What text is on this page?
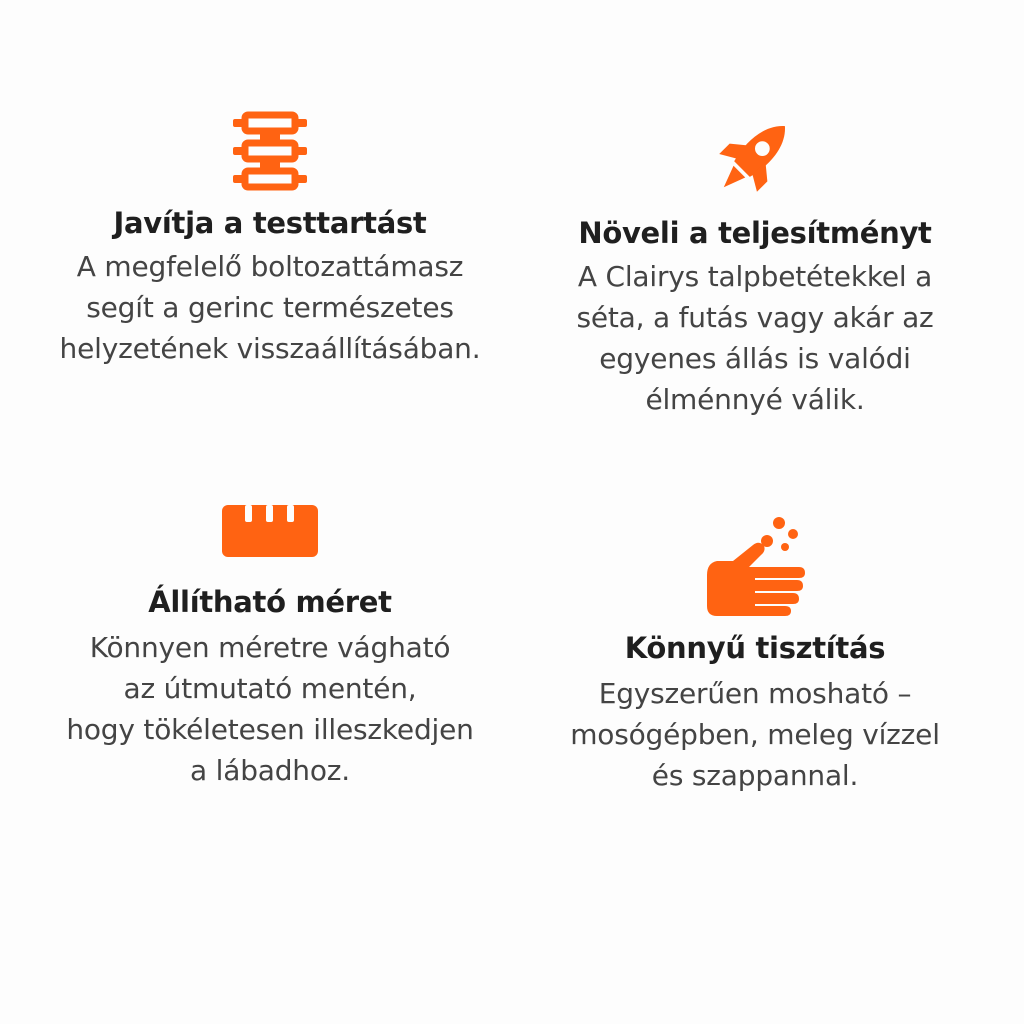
Javítja a testtartást

A megfelelő boltozattámasz
segít a gerinc természetes
helyzetének visszaállításában.

Növeli a teljesítményt

A Clairys talpbetétekkel a
séta, a futás vagy akár az
egyenes állás is valódi
élménnyé válik.

Állítható méret

Könnyen méretre vágható
az útmutató mentén,
hogy tökéletesen illeszkedjen
a lábadhoz.

Könnyű tisztítás

Egyszerűen mosható –
mosógépben, meleg vízzel
és szappannal.
